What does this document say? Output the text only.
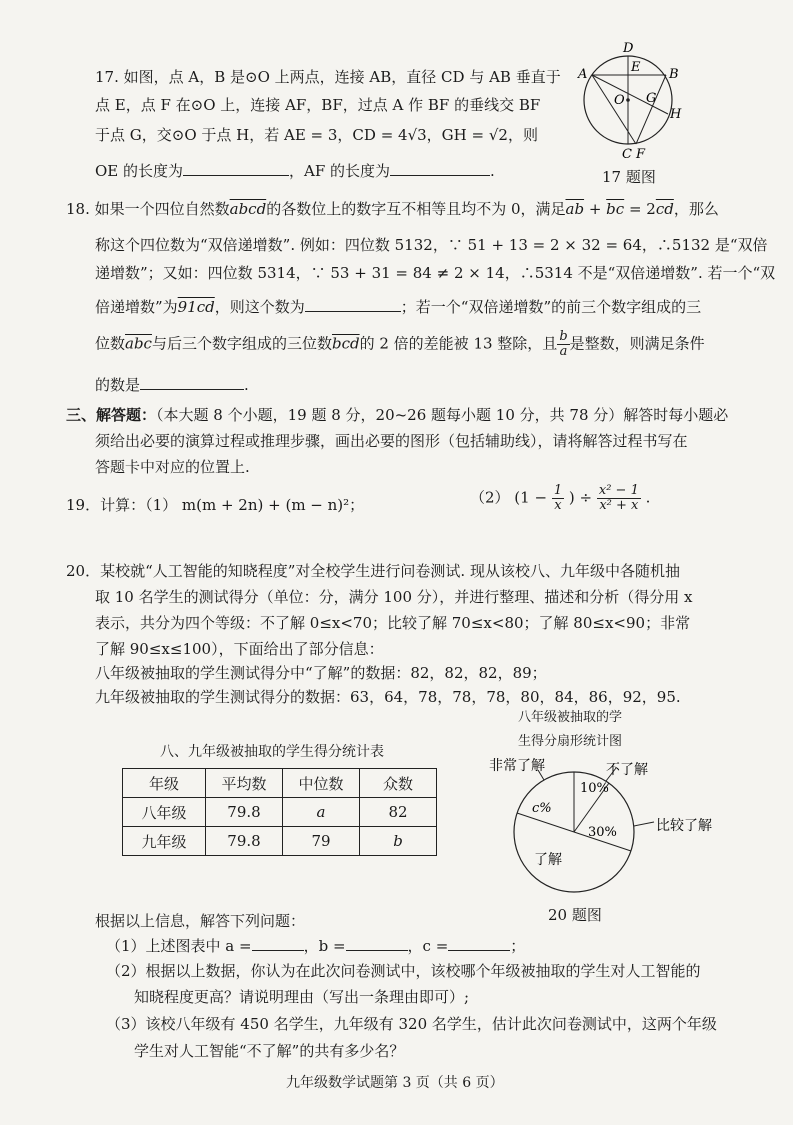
17. 如图，点 A，B 是⊙O 上两点，连接 AB，直径 CD 与 AB 垂直于
点 E，点 F 在⊙O 上，连接 AF，BF，过点 A 作 BF 的垂线交 BF
于点 G，交⊙O 于点 H，若 AE = 3，CD = 4√3，GH = √2，则
OE 的长度为	，AF 的长度为	.
D
A	E B
O G
H
C F
17 题图
18. 如果一个四位自然数abcd的各数位上的数字互不相等且均不为 0，满足$\overline{ab} + \overline{bc} = 2\overline{cd}$，那么
称这个四位数为“双倍递增数”. 例如：四位数 5132，∵ 51 + 13 = 2 × 32 = 64，∴5132 是“双倍
递增数”；又如：四位数 5314，∵ 53 + 31 = 84 ≠ 2 × 14，∴5314 不是“双倍递增数”. 若一个“双
倍递增数”为91cd，则这个数为	；若一个“双倍递增数”的前三个数字组成的三
位数$\overline{abc}$与后三个数字组成的三位数$\overline{bcd}$的 2 倍的差能被 13 整除，且 $\frac{b}{a}$ 是整数，则满足条件
的数是	.
三、解答题：（本大题 8 个小题，19 题 8 分，20~26 题每小题 10 分，共 78 分）解答时每小题必
须给出必要的演算过程或推理步骤，画出必要的图形（包括辅助线），请将解答过程书写在
答题卡中对应的位置上.
19．计算：（1） m(m + 2n) + (m − n)²；	（2） ($1 - \frac{1}{x}$ ) ÷ $\frac{\text{x² − 1}}{\text{x² + x}}$ .
20．某校就“人工智能的知晓程度”对全校学生进行问卷测试. 现从该校八、九年级中各随机抽
取 10 名学生的测试得分（单位：分，满分 100 分），并进行整理、描述和分析（得分用 x
表示，共分为四个等级：不了解 0≤x<70；比较了解 70≤x<80；了解 80≤x<90；非常
了解 90≤x≤100），下面给出了部分信息：
八年级被抽取的学生测试得分中“了解”的数据：82，82，82，89；
九年级被抽取的学生测试得分的数据：63，64，78，78，78，80，84，86，92，95.
八、九年级被抽取的学生得分统计表
年级	平均数	中位数	众数
八年级	79.8	a	82
九年级	79.8	79	b
八年级被抽取的学
生得分扇形统计图
非常了解	不了解
比较了解
了解
10%
30%
c%
20 题图
根据以上信息，解答下列问题：
（1）上述图表中 a =	，b =	，c =	；
（2）根据以上数据，你认为在此次问卷测试中，该校哪个年级被抽取的学生对人工智能的
知晓程度更高？请说明理由（写出一条理由即可）;
（3）该校八年级有 450 名学生，九年级有 320 名学生，估计此次问卷测试中，这两个年级
学生对人工智能“不了解”的共有多少名？
九年级数学试题第 3 页（共 6 页）
